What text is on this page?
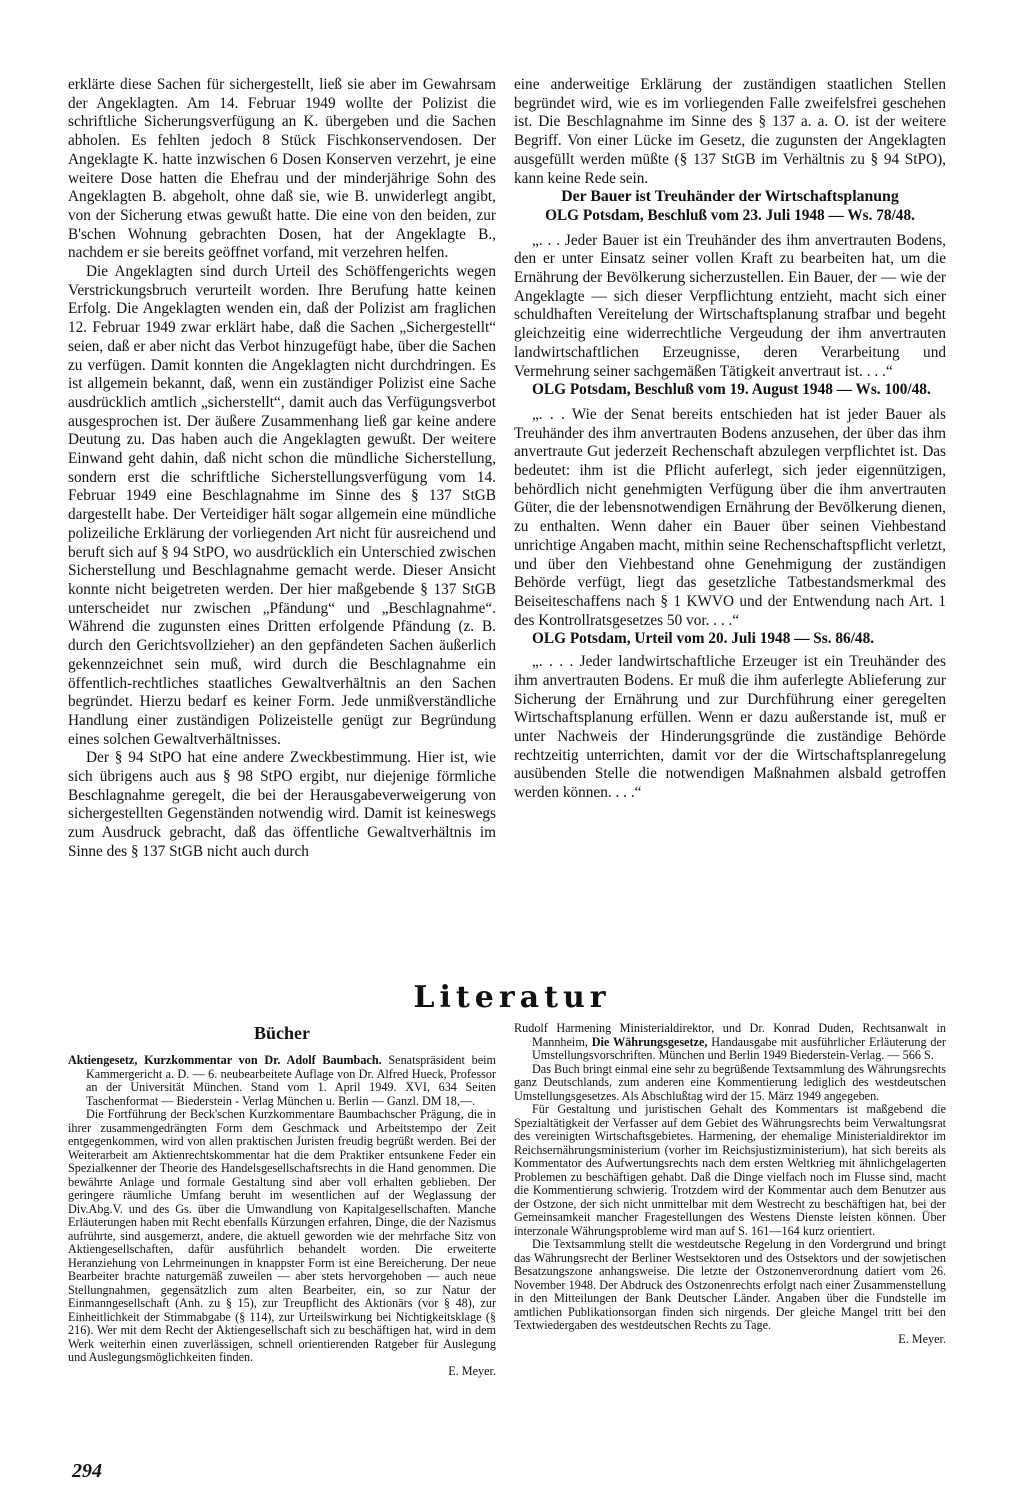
erklärte diese Sachen für sichergestellt, ließ sie aber im Gewahrsam der Angeklagten. Am 14. Februar 1949 wollte der Polizist die schriftliche Sicherungsverfügung an K. übergeben und die Sachen abholen. Es fehlten jedoch 8 Stück Fischkonservendosen. Der Angeklagte K. hatte inzwischen 6 Dosen Konserven verzehrt, je eine weitere Dose hatten die Ehefrau und der minderjährige Sohn des Angeklagten B. abgeholt, ohne daß sie, wie B. unwiderlegt angibt, von der Sicherung etwas gewußt hatte. Die eine von den beiden, zur B'schen Wohnung gebrachten Dosen, hat der Angeklagte B., nachdem er sie bereits geöffnet vorfand, mit verzehren helfen.

Die Angeklagten sind durch Urteil des Schöffengerichts wegen Verstrickungsbruch verurteilt worden. Ihre Berufung hatte keinen Erfolg. Die Angeklagten wenden ein, daß der Polizist am fraglichen 12. Februar 1949 zwar erklärt habe, daß die Sachen „Sichergestellt“ seien, daß er aber nicht das Verbot hinzugefügt habe, über die Sachen zu verfügen. Damit konnten die Angeklagten nicht durchdringen. Es ist allgemein bekannt, daß, wenn ein zuständiger Polizist eine Sache ausdrücklich amtlich „sicherstellt“, damit auch das Verfügungsverbot ausgesprochen ist. Der äußere Zusammenhang ließ gar keine andere Deutung zu. Das haben auch die Angeklagten gewußt. Der weitere Einwand geht dahin, daß nicht schon die mündliche Sicherstellung, sondern erst die schriftliche Sicherstellungsverfügung vom 14. Februar 1949 eine Beschlagnahme im Sinne des § 137 StGB dargestellt habe. Der Verteidiger hält sogar allgemein eine mündliche polizeiliche Erklärung der vorliegenden Art nicht für ausreichend und beruft sich auf § 94 StPO, wo ausdrücklich ein Unterschied zwischen Sicherstellung und Beschlagnahme gemacht werde. Dieser Ansicht konnte nicht beigetreten werden. Der hier maßgebende § 137 StGB unterscheidet nur zwischen „Pfändung“ und „Beschlagnahme“. Während die zugunsten eines Dritten erfolgende Pfändung (z. B. durch den Gerichtsvollzieher) an den gepfändeten Sachen äußerlich gekennzeichnet sein muß, wird durch die Beschlagnahme ein öffentlich-rechtliches staatliches Gewaltverhältnis an den Sachen begründet. Hierzu bedarf es keiner Form. Jede unmißverständliche Handlung einer zuständigen Polizeistelle genügt zur Begründung eines solchen Gewaltverhältnisses.

Der § 94 StPO hat eine andere Zweckbestimmung. Hier ist, wie sich übrigens auch aus § 98 StPO ergibt, nur diejenige förmliche Beschlagnahme geregelt, die bei der Herausgabeverweigerung von sichergestellten Gegenständen notwendig wird. Damit ist keineswegs zum Ausdruck gebracht, daß das öffentliche Gewaltverhältnis im Sinne des § 137 StGB nicht auch durch

eine anderweitige Erklärung der zuständigen staatlichen Stellen begründet wird, wie es im vorliegenden Falle zweifelsfrei geschehen ist. Die Beschlagnahme im Sinne des § 137 a. a. O. ist der weitere Begriff. Von einer Lücke im Gesetz, die zugunsten der Angeklagten ausgefüllt werden müßte (§ 137 StGB im Verhältnis zu § 94 StPO), kann keine Rede sein.

Der Bauer ist Treuhänder der Wirtschaftsplanung

OLG Potsdam, Beschluß vom 23. Juli 1948 — Ws. 78/48.

„. . . Jeder Bauer ist ein Treuhänder des ihm anvertrauten Bodens, den er unter Einsatz seiner vollen Kraft zu bearbeiten hat, um die Ernährung der Bevölkerung sicherzustellen. Ein Bauer, der — wie der Angeklagte — sich dieser Verpflichtung entzieht, macht sich einer schuldhaften Vereitelung der Wirtschaftsplanung strafbar und begeht gleichzeitig eine widerrechtliche Vergeudung der ihm anvertrauten landwirtschaftlichen Erzeugnisse, deren Verarbeitung und Vermehrung seiner sachgemäßen Tätigkeit anvertraut ist. . . .“

OLG Potsdam, Beschluß vom 19. August 1948 — Ws. 100/48.

„. . . Wie der Senat bereits entschieden hat ist jeder Bauer als Treuhänder des ihm anvertrauten Bodens anzusehen, der über das ihm anvertraute Gut jederzeit Rechenschaft abzulegen verpflichtet ist. Das bedeutet: ihm ist die Pflicht auferlegt, sich jeder eigennützigen, behördlich nicht genehmigten Verfügung über die ihm anvertrauten Güter, die der lebensnotwendigen Ernährung der Bevölkerung dienen, zu enthalten. Wenn daher ein Bauer über seinen Viehbestand unrichtige Angaben macht, mithin seine Rechenschaftspflicht verletzt, und über den Viehbestand ohne Genehmigung der zuständigen Behörde verfügt, liegt das gesetzliche Tatbestandsmerkmal des Beiseiteschaffens nach § 1 KWVO und der Entwendung nach Art. 1 des Kontrollratsgesetzes 50 vor. . . .“

OLG Potsdam, Urteil vom 20. Juli 1948 — Ss. 86/48.

„. . . . Jeder landwirtschaftliche Erzeuger ist ein Treuhänder des ihm anvertrauten Bodens. Er muß die ihm auferlegte Ablieferung zur Sicherung der Ernährung und zur Durchführung einer geregelten Wirtschaftsplanung erfüllen. Wenn er dazu außerstande ist, muß er unter Nachweis der Hinderungsgründe die zuständige Behörde rechtzeitig unterrichten, damit vor der die Wirtschaftsplanregelung ausübenden Stelle die notwendigen Maßnahmen alsbald getroffen werden können. . . .“

Literatur
Bücher

Aktiengesetz, Kurzkommentar von Dr. Adolf Baumbach. Senatspräsident beim Kammergericht a. D. — 6. neubearbeitete Auflage von Dr. Alfred Hueck, Professor an der Universität München. Stand vom 1. April 1949. XVI, 634 Seiten Taschenformat — Biederstein - Verlag München u. Berlin — Ganzl. DM 18,—.

Die Fortführung der Beck'schen Kurzkommentare Baumbachscher Prägung, die in ihrer zusammengedrängten Form dem Geschmack und Arbeitstempo der Zeit entgegenkommen, wird von allen praktischen Juristen freudig begrüßt werden. Bei der Weiterarbeit am Aktienrechtskommentar hat die dem Praktiker entsunkene Feder ein Spezialkenner der Theorie des Handelsgesellschaftsrechts in die Hand genommen. Die bewährte Anlage und formale Gestaltung sind aber voll erhalten geblieben. Der geringere räumliche Umfang beruht im wesentlichen auf der Weglassung der Div.Abg.V. und des Gs. über die Umwandlung von Kapitalgesellschaften. Manche Erläuterungen haben mit Recht ebenfalls Kürzungen erfahren, Dinge, die der Nazismus aufrührte, sind ausgemerzt, andere, die aktuell geworden wie der mehrfache Sitz von Aktiengesellschaften, dafür ausführlich behandelt worden. Die erweiterte Heranziehung von Lehrmeinungen in knappster Form ist eine Bereicherung. Der neue Bearbeiter brachte naturgemäß zuweilen — aber stets hervorgehoben — auch neue Stellungnahmen, gegensätzlich zum alten Bearbeiter, ein, so zur Natur der Einmanngesellschaft (Anh. zu § 15), zur Treupflicht des Aktionärs (vor § 48), zur Einheitlichkeit der Stimmabgabe (§ 114), zur Urteilswirkung bei Nichtigkeitsklage (§ 216). Wer mit dem Recht der Aktiengesellschaft sich zu beschäftigen hat, wird in dem Werk weiterhin einen zuverlässigen, schnell orientierenden Ratgeber für Auslegung und Auslegungsmöglichkeiten finden.

E. Meyer.

Rudolf Harmening Ministerialdirektor, und Dr. Konrad Duden, Rechtsanwalt in Mannheim, Die Währungsgesetze, Handausgabe mit ausführlicher Erläuterung der Umstellungsvorschriften. München und Berlin 1949 Biederstein-Verlag. — 566 S.

Das Buch bringt einmal eine sehr zu begrüßende Textsammlung des Währungsrechts ganz Deutschlands, zum anderen eine Kommentierung lediglich des westdeutschen Umstellungsgesetzes. Als Abschlußtag wird der 15. März 1949 angegeben.

Für Gestaltung und juristischen Gehalt des Kommentars ist maßgebend die Spezialtätigkeit der Verfasser auf dem Gebiet des Währungsrechts beim Verwaltungsrat des vereinigten Wirtschaftsgebietes. Harmening, der ehemalige Ministerialdirektor im Reichsernährungsministerium (vorher im Reichsjustizministerium), hat sich bereits als Kommentator des Aufwertungsrechts nach dem ersten Weltkrieg mit ähnlichgelagerten Problemen zu beschäftigen gehabt. Daß die Dinge vielfach noch im Flusse sind, macht die Kommentierung schwierig. Trotzdem wird der Kommentar auch dem Benutzer aus der Ostzone, der sich nicht unmittelbar mit dem Westrecht zu beschäftigen hat, bei der Gemeinsamkeit mancher Fragestellungen des Westens Dienste leisten können. Über interzonale Währungsprobleme wird man auf S. 161—164 kurz orientiert.

Die Textsammlung stellt die westdeutsche Regelung in den Vordergrund und bringt das Währungsrecht der Berliner Westsektoren und des Ostsektors und der sowjetischen Besatzungszone anhangsweise. Die letzte der Ostzonenverordnung datiert vom 26. November 1948. Der Abdruck des Ostzonenrechts erfolgt nach einer Zusammenstellung in den Mitteilungen der Bank Deutscher Länder. Angaben über die Fundstelle im amtlichen Publikationsorgan finden sich nirgends. Der gleiche Mangel tritt bei den Textwiedergaben des westdeutschen Rechts zu Tage.

E. Meyer.

294
